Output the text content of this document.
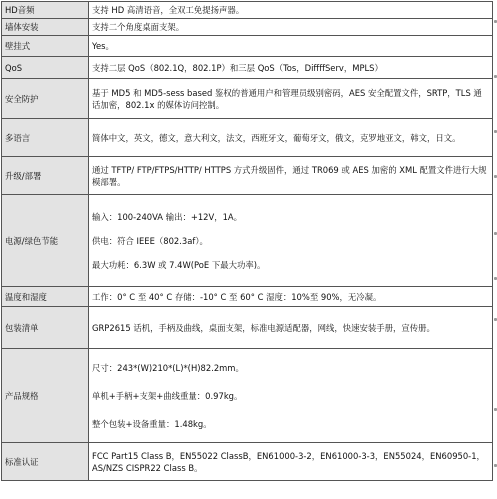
HD音频	支持 HD 高清语音，全双工免提扬声器。

墙体安装	支持二个角度桌面支架。

壁挂式	Yes。

QoS	支持二层 QoS（802.1Q，802.1P）和三层 QoS（Tos，DiffffServ，MPLS）

安全防护	基于 MD5 和 MD5-sess based 鉴权的普通用户和管理员级别密码，AES 安全配置文件，SRTP，TLS 通话加密，802.1x 的媒体访问控制。

多语言	简体中文，英文，德文，意大利文，法文，西班牙文，葡萄牙文，俄文，克罗地亚文，韩文，日文。

升级/部署	通过 TFTP/ FTP/FTPS/HTTP/ HTTPS 方式升级固件，通过 TR069 或 AES 加密的 XML 配置文件进行大规模部署。

电源/绿色节能	输入：100-240VA 输出：+12V，1A。

供电：符合 IEEE（802.3af）。

最大功耗：6.3W 或 7.4W(PoE 下最大功率)。

温度和湿度	工作：0° C 至 40° C 存储：-10° C 至 60° C 湿度：10%至 90%，无冷凝。

包装清单	GRP2615 话机，手柄及曲线，桌面支架，标准电源适配器，网线，快速安装手册，宣传册。

产品规格	尺寸：243*(W)210*(L)*(H)82.2mm。

单机+手柄+支架+曲线重量：0.97kg。

整个包装+设备重量：1.48kg。

标准认证	FCC Part15 Class B，EN55022 ClassB，EN61000-3-2，EN61000-3-3，EN55024，EN60950-1，AS/NZS CISPR22 Class B。
